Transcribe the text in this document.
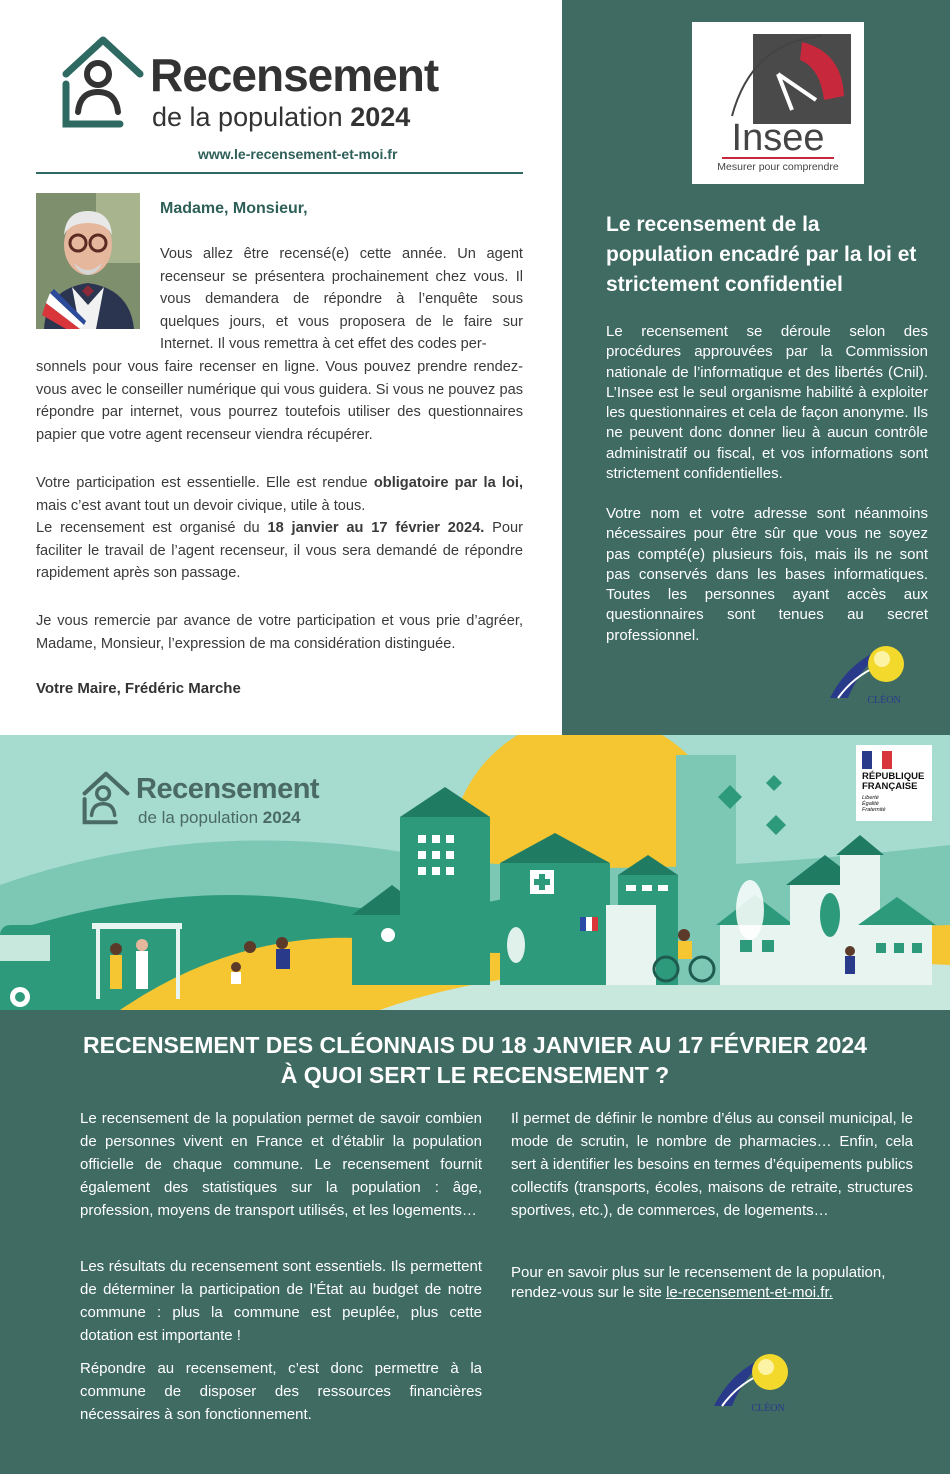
Recensement
de la population 2024
www.le-recensement-et-moi.fr
Madame, Monsieur,
Vous allez être recensé(e) cette année. Un agent recenseur se présentera prochainement chez vous. Il vous demandera de répondre à l’enquête sous quelques jours, et vous proposera de le faire sur Internet. Il vous remettra à cet effet des codes per-
sonnels pour vous faire recenser en ligne. Vous pouvez prendre rendez-vous avec le conseiller numérique qui vous guidera. Si vous ne pouvez pas répondre par internet, vous pourrez toutefois utiliser des questionnaires papier que votre agent recenseur viendra récupérer.
Votre participation est essentielle. Elle est rendue obligatoire par la loi, mais c’est avant tout un devoir civique, utile à tous.
Le recensement est organisé du 18 janvier au 17 février 2024. Pour faciliter le travail de l’agent recenseur, il vous sera demandé de répondre rapidement après son passage.
Je vous remercie par avance de votre participation et vous prie d’agréer, Madame, Monsieur, l’expression de ma considération distinguée.
Votre Maire, Frédéric Marche
Insee
Mesurer pour comprendre
Le recensement de la population encadré par la loi et strictement confidentiel
Le recensement se déroule selon des procédures approuvées par la Commission nationale de l’informatique et des libertés (Cnil). L’Insee est le seul organisme habilité à exploiter les questionnaires et cela de façon anonyme. Ils ne peuvent donc donner lieu à aucun contrôle administratif ou fiscal, et vos informations sont strictement confidentielles.
Votre nom et votre adresse sont néanmoins nécessaires pour être sûr que vous ne soyez pas compté(e) plusieurs fois, mais ils ne sont pas conservés dans les bases informatiques. Toutes les personnes ayant accès aux questionnaires sont tenues au secret professionnel.
CLÉON
Recensement
de la population 2024
RÉPUBLIQUE
FRANÇAISE
Liberté
Égalité
Fraternité
RECENSEMENT DES CLÉONNAIS DU 18 JANVIER AU 17 FÉVRIER 2024
À QUOI SERT LE RECENSEMENT ?
Le recensement de la population permet de savoir combien de personnes vivent en France et d’établir la population officielle de chaque commune. Le recensement fournit également des statistiques sur la population : âge, profession, moyens de transport utilisés, et les logements…
Les résultats du recensement sont essentiels. Ils permettent de déterminer la participation de l’État au budget de notre commune : plus la commune est peuplée, plus cette dotation est importante !
Répondre au recensement, c’est donc permettre à la commune de disposer des ressources financières nécessaires à son fonctionnement.
Il permet de définir le nombre d’élus au conseil municipal, le mode de scrutin, le nombre de pharmacies… Enfin, cela sert à identifier les besoins en termes d’équipements publics collectifs (transports, écoles, maisons de retraite, structures sportives, etc.), de commerces, de logements…
Pour en savoir plus sur le recensement de la population, rendez-vous sur le site le-recensement-et-moi.fr.
CLÉON
